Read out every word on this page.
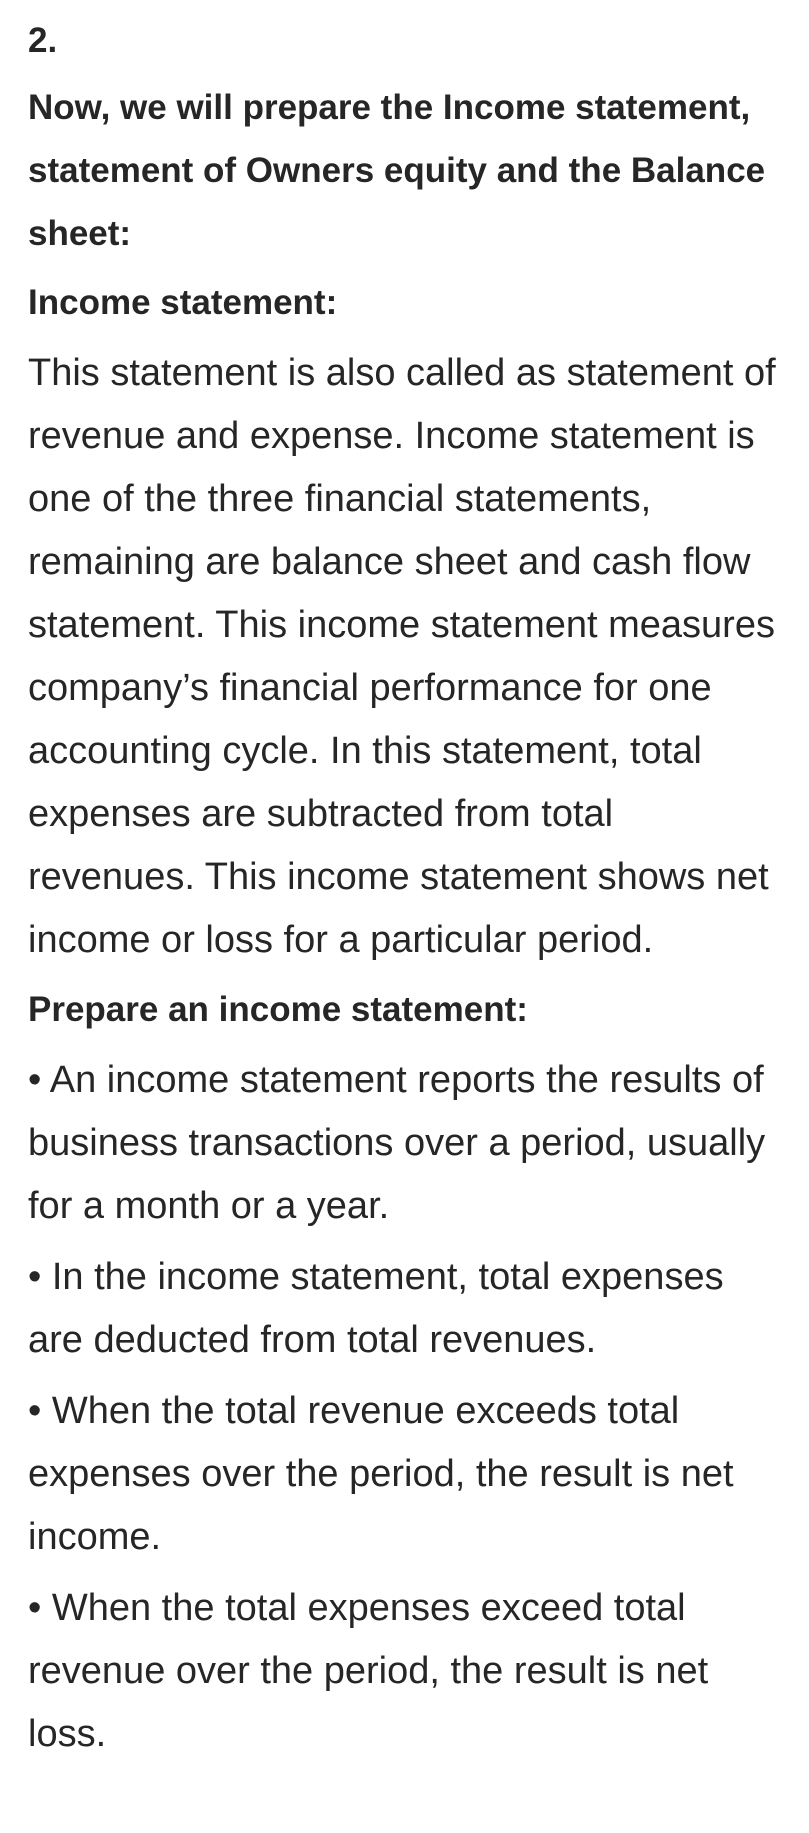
2.

Now, we will prepare the Income statement, statement of Owners equity and the Balance sheet:

Income statement:

This statement is also called as statement of revenue and expense. Income statement is one of the three financial statements, remaining are balance sheet and cash flow statement. This income statement measures company’s financial performance for one accounting cycle. In this statement, total expenses are subtracted from total revenues. This income statement shows net income or loss for a particular period.

Prepare an income statement:

• An income statement reports the results of business transactions over a period, usually for a month or a year.

• In the income statement, total expenses are deducted from total revenues.

• When the total revenue exceeds total expenses over the period, the result is net income.

• When the total expenses exceed total revenue over the period, the result is net loss.
